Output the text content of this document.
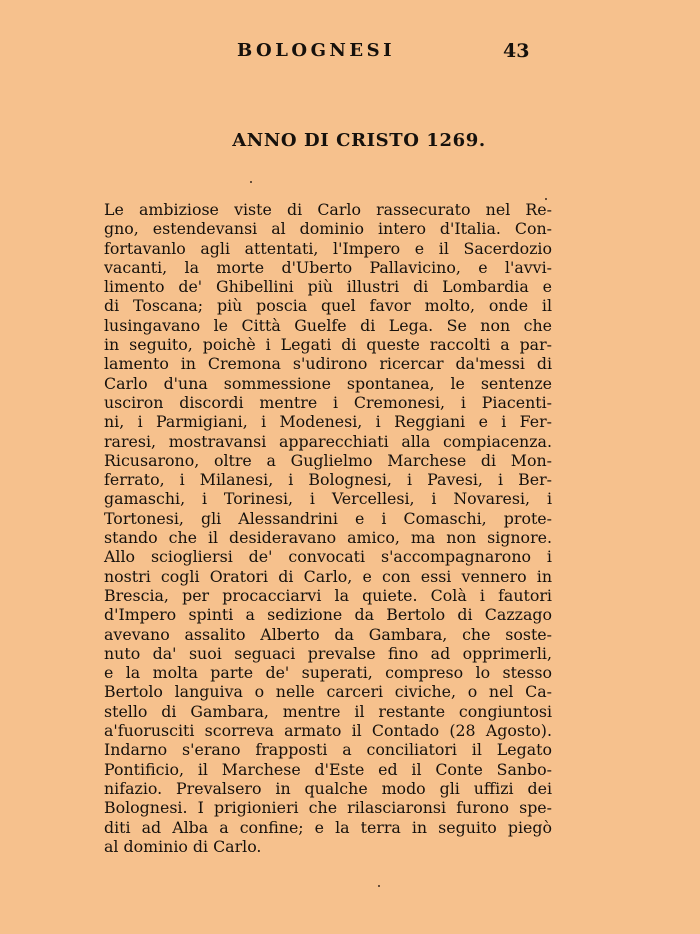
BOLOGNESI	43
ANNO DI CRISTO 1269.
Le ambiziose viste di Carlo rassecurato nel Re-
gno, estendevansi al dominio intero d'Italia. Con-
fortavanlo agli attentati, l'Impero e il Sacerdozio
vacanti, la morte d'Uberto Pallavicino, e l'avvi-
limento de' Ghibellini più illustri di Lombardia e
di Toscana; più poscia quel favor molto, onde il
lusingavano le Città Guelfe di Lega. Se non che
in seguito, poichè i Legati di queste raccolti a par-
lamento in Cremona s'udirono ricercar da'messi di
Carlo d'una sommessione spontanea, le sentenze
usciron discordi mentre i Cremonesi, i Piacenti-
ni, i Parmigiani, i Modenesi, i Reggiani e i Fer-
raresi, mostravansi apparecchiati alla compiacenza.
Ricusarono, oltre a Guglielmo Marchese di Mon-
ferrato, i Milanesi, i Bolognesi, i Pavesi, i Ber-
gamaschi, i Torinesi, i Vercellesi, i Novaresi, i
Tortonesi, gli Alessandrini e i Comaschi, prote-
stando che il desideravano amico, ma non signore.
Allo sciogliersi de' convocati s'accompagnarono i
nostri cogli Oratori di Carlo, e con essi vennero in
Brescia, per procacciarvi la quiete. Colà i fautori
d'Impero spinti a sedizione da Bertolo di Cazzago
avevano assalito Alberto da Gambara, che soste-
nuto da' suoi seguaci prevalse fino ad opprimerli,
e la molta parte de' superati, compreso lo stesso
Bertolo languiva o nelle carceri civiche, o nel Ca-
stello di Gambara, mentre il restante congiuntosi
a'fuorusciti scorreva armato il Contado (28 Agosto).
Indarno s'erano frapposti a conciliatori il Legato
Pontificio, il Marchese d'Este ed il Conte Sanbo-
nifazio. Prevalsero in qualche modo gli uffizi dei
Bolognesi. I prigionieri che rilasciaronsi furono spe-
diti ad Alba a confine; e la terra in seguito piegò
al dominio di Carlo.
